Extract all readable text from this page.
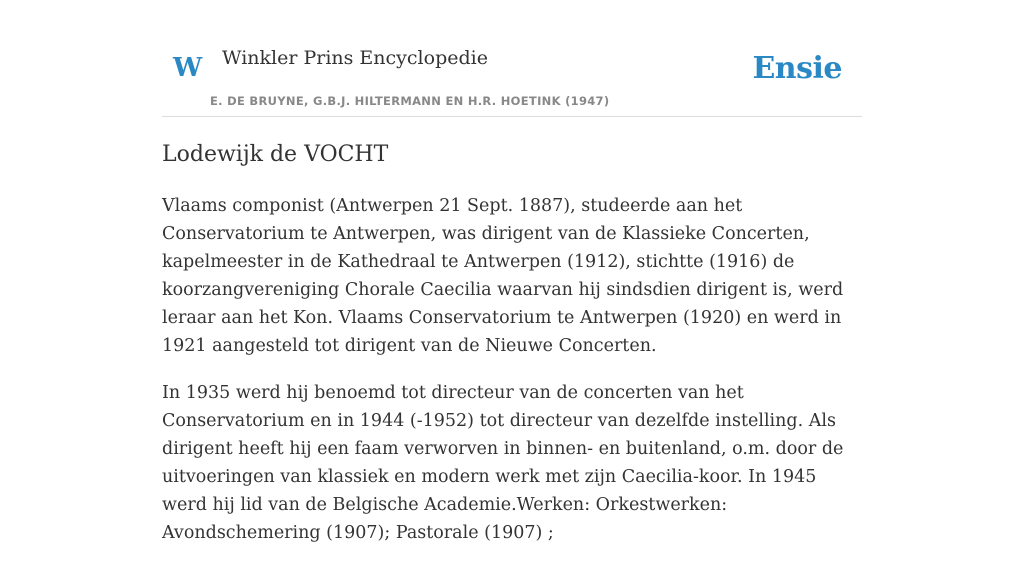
W Winkler Prins Encyclopedie
E. DE BRUYNE, G.B.J. HILTERMANN EN H.R. HOETINK (1947)
Ensie
Lodewijk de VOCHT

Vlaams componist (Antwerpen 21 Sept. 1887), studeerde aan het Conservatorium te Antwerpen, was dirigent van de Klassieke Concerten, kapelmeester in de Kathedraal te Antwerpen (1912), stichtte (1916) de koorzangvereniging Chorale Caecilia waarvan hij sindsdien dirigent is, werd leraar aan het Kon. Vlaams Conservatorium te Antwerpen (1920) en werd in 1921 aangesteld tot dirigent van de Nieuwe Concerten.

In 1935 werd hij benoemd tot directeur van de concerten van het Conservatorium en in 1944 (-1952) tot directeur van dezelfde instelling. Als dirigent heeft hij een faam verworven in binnen- en buitenland, o.m. door de uitvoeringen van klassiek en modern werk met zijn Caecilia-koor. In 1945 werd hij lid van de Belgische Academie.Werken: Orkestwerken: Avondschemering (1907); Pastorale (1907) ;
